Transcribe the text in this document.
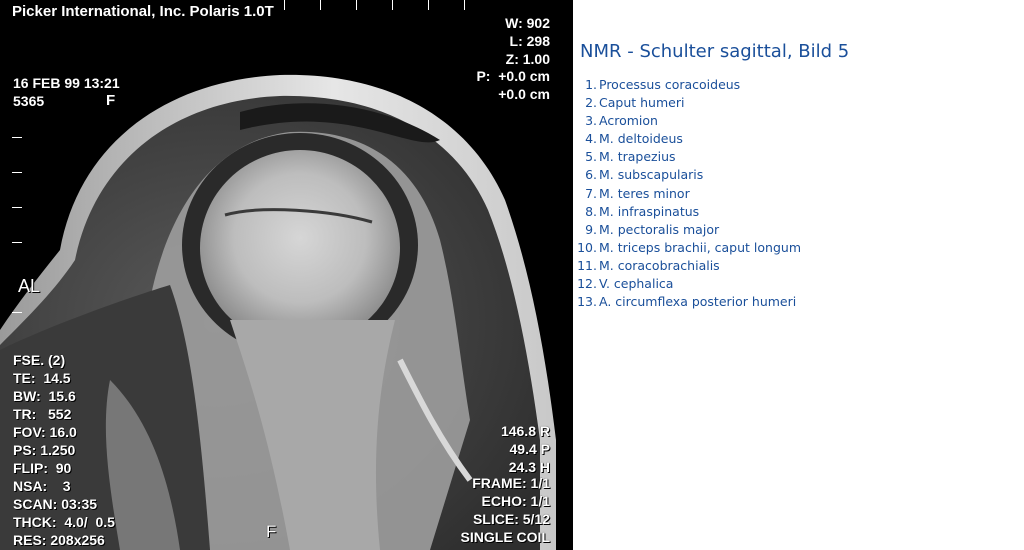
Picker International, Inc. Polaris 1.0T
16 FEB 99 13:21
5365	F
AL
F
W: 902
L: 298
Z: 1.00
P:  +0.0 cm
+0.0 cm
FSE. (2)
TE:  14.5
BW:  15.6
TR:   552
FOV: 16.0
PS: 1.250
FLIP:  90
NSA:    3
SCAN: 03:35
THCK:  4.0/  0.5
RES: 208x256
146.8 R
49.4 P
24.3 H
FRAME: 1/1
ECHO: 1/1
SLICE: 5/12
SINGLE COIL
NMR - Schulter sagittal, Bild 5
1. Processus coracoideus
2. Caput humeri
3. Acromion
4. M. deltoideus
5. M. trapezius
6. M. subscapularis
7. M. teres minor
8. M. infraspinatus
9. M. pectoralis major
10. M. triceps brachii, caput longum
11. M. coracobrachialis
12. V. cephalica
13. A. circumflexa posterior humeri
